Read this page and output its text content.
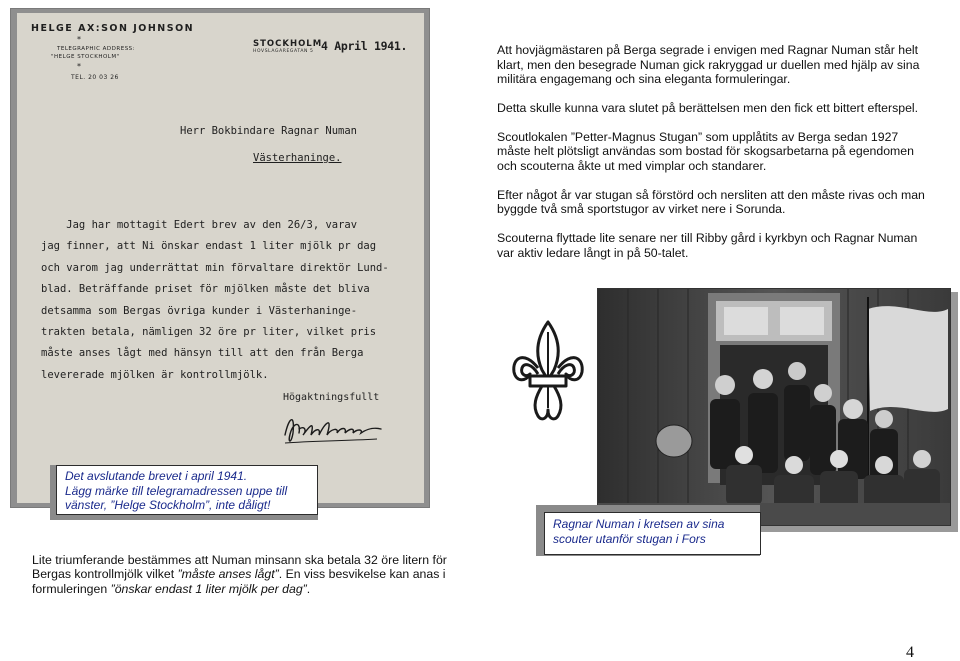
HELGE AX:SON JOHNSON
*
TELEGRAPHIC ADDRESS:
"HELGE STOCKHOLM"
*
TEL. 20 03 26
STOCKHOLM
HOVSLAGAREGATAN 5 4 April 1941.
Herr Bokbindare Ragnar Numan
Västerhaninge.
Jag har mottagit Edert brev av den 26/3, varav
jag finner, att Ni önskar endast 1 liter mjölk pr dag
och varom jag underrättat min förvaltare direktör Lund-
blad. Beträffande priset för mjölken måste det bliva
detsamma som Bergas övriga kunder i Västerhaninge-
trakten betala, nämligen 32 öre pr liter, vilket pris
måste anses lågt med hänsyn till att den från Berga
levererade mjölken är kontrollmjölk.
Högaktningsfullt
Det avslutande brevet i april 1941.
Lägg märke till telegramadressen uppe till
vänster, ”Helge Stockholm”, inte dåligt!

Att hovjägmästaren på Berga segrade i envigen med Ragnar Numan står helt klart, men den besegrade Numan gick rakryggad ur duellen med hjälp av sina militära engagemang och sina eleganta formuleringar.

Detta skulle kunna vara slutet på berättelsen men den fick ett bittert efterspel.

Scoutlokalen ”Petter-Magnus Stugan” som upplåtits av Berga sedan 1927 måste helt plötsligt användas som bostad för skogsarbetarna på egendomen och scouterna åkte ut med vimplar och standarer.

Efter något år var stugan så förstörd och nersliten att den måste rivas och man byggde två små sportstugor av virket nere i Sorunda.

Scouterna flyttade lite senare ner till Ribby gård i kyrkbyn och Ragnar Numan var aktiv ledare långt in på 50-talet.

Ragnar Numan i kretsen av sina
scouter utanför stugan i Fors
Lite triumferande bestämmes att Numan minsann ska betala 32 öre litern för Bergas kontrollmjölk vilket ”måste anses lågt”. En viss besvikelse kan anas i formuleringen ”önskar endast 1 liter mjölk per dag”.
4
